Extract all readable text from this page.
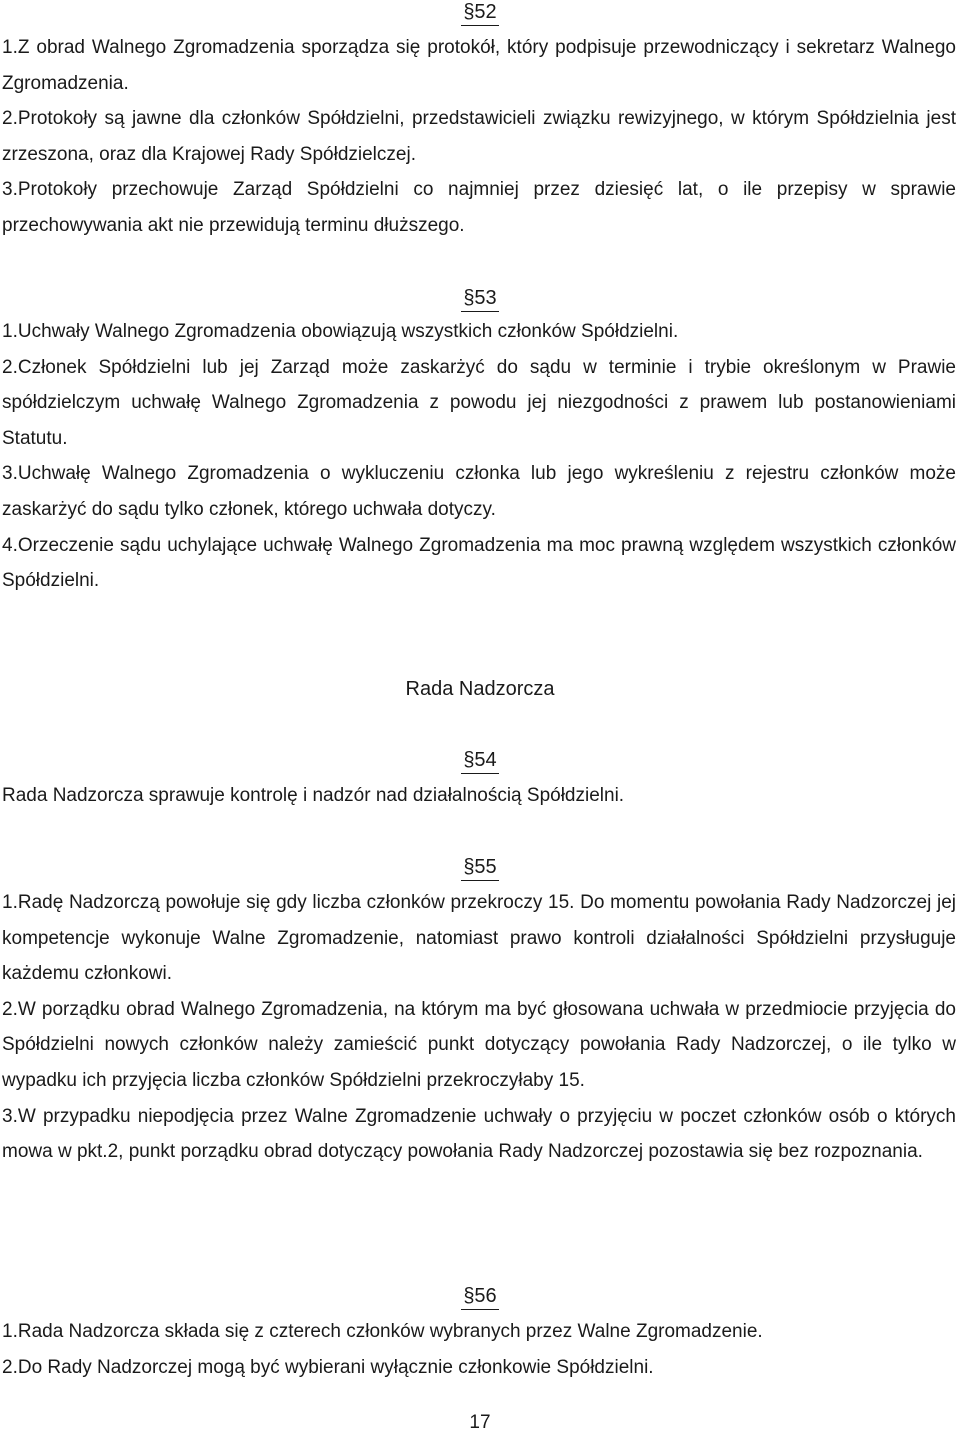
§52

1.Z obrad Walnego Zgromadzenia sporządza się protokół, który podpisuje przewodniczący i sekretarz Walnego Zgromadzenia.

2.Protokoły są jawne dla członków Spółdzielni, przedstawicieli związku rewizyjnego, w którym Spółdzielnia jest zrzeszona, oraz dla Krajowej Rady Spółdzielczej.

3.Protokoły przechowuje Zarząd Spółdzielni co najmniej przez dziesięć lat, o ile przepisy w sprawie przechowywania akt nie przewidują terminu dłuższego.

§53

1.Uchwały Walnego Zgromadzenia obowiązują wszystkich członków Spółdzielni.

2.Członek Spółdzielni lub jej Zarząd może zaskarżyć do sądu w terminie i trybie określonym w Prawie spółdzielczym uchwałę Walnego Zgromadzenia z powodu jej niezgodności z prawem lub postanowieniami Statutu.

3.Uchwałę Walnego Zgromadzenia o wykluczeniu członka lub jego wykreśleniu z rejestru członków może zaskarżyć do sądu tylko członek, którego uchwała dotyczy.

4.Orzeczenie sądu uchylające uchwałę Walnego Zgromadzenia ma moc prawną względem wszystkich członków Spółdzielni.

Rada Nadzorcza
§54

Rada Nadzorcza sprawuje kontrolę i nadzór nad działalnością Spółdzielni.

§55

1.Radę Nadzorczą powołuje się gdy liczba członków przekroczy 15. Do momentu powołania Rady Nadzorczej jej kompetencje wykonuje Walne Zgromadzenie, natomiast prawo kontroli działalności Spółdzielni przysługuje każdemu członkowi.

2.W porządku obrad Walnego Zgromadzenia, na którym ma być głosowana uchwała w przedmiocie przyjęcia do Spółdzielni nowych członków należy zamieścić punkt dotyczący powołania Rady Nadzorczej, o ile tylko w wypadku ich przyjęcia liczba członków Spółdzielni przekroczyłaby 15.

3.W przypadku niepodjęcia przez Walne Zgromadzenie uchwały o przyjęciu w poczet członków osób o których mowa w pkt.2, punkt porządku obrad dotyczący powołania Rady Nadzorczej pozostawia się bez rozpoznania.

§56

1.Rada Nadzorcza składa się z czterech członków wybranych przez Walne Zgromadzenie.

2.Do Rady Nadzorczej mogą być wybierani wyłącznie członkowie Spółdzielni.

17
